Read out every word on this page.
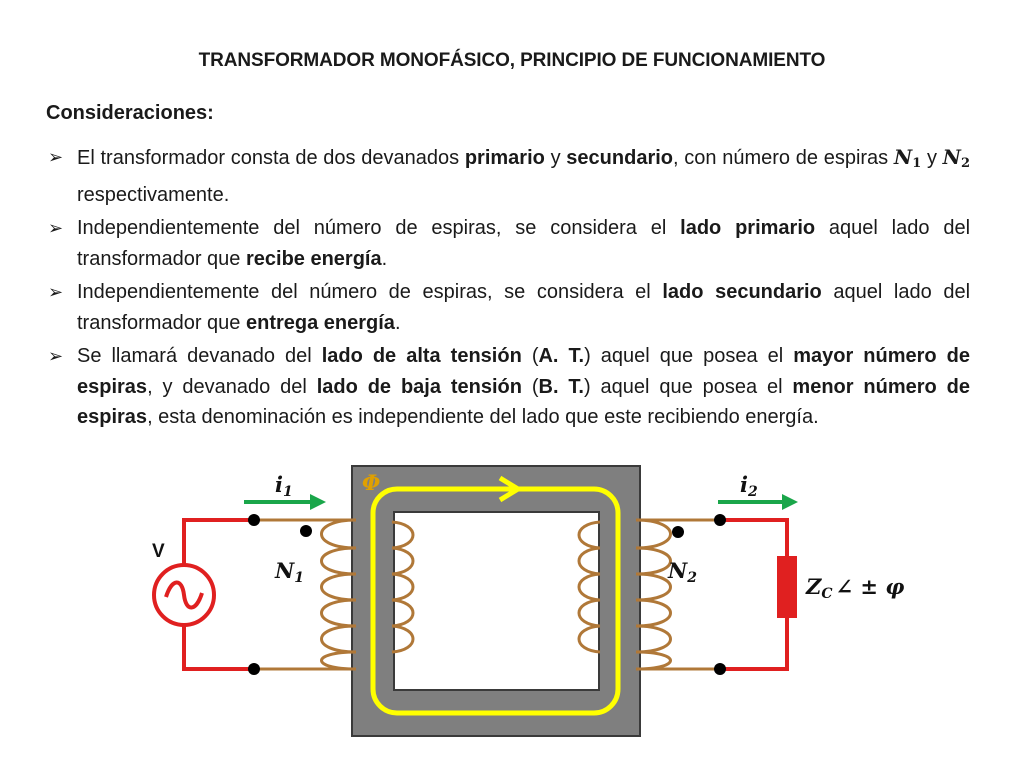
TRANSFORMADOR MONOFÁSICO, PRINCIPIO DE FUNCIONAMIENTO
Consideraciones:
➢ El transformador consta de dos devanados primario y secundario, con número de espiras $N_1$ y $N_2$ respectivamente.
➢ Independientemente del número de espiras, se considera el lado primario aquel lado del transformador que recibe energía.
➢ Independientemente del número de espiras, se considera el lado secundario aquel lado del transformador que entrega energía.
➢ Se llamará devanado del lado de alta tensión (A. T.) aquel que posea el mayor número de espiras, y devanado del lado de baja tensión (B. T.) aquel que posea el menor número de espiras, esta denominación es independiente del lado que este recibiendo energía.
Φ
i1	i2
N1	N2
V
ZC ∠ ± φ
